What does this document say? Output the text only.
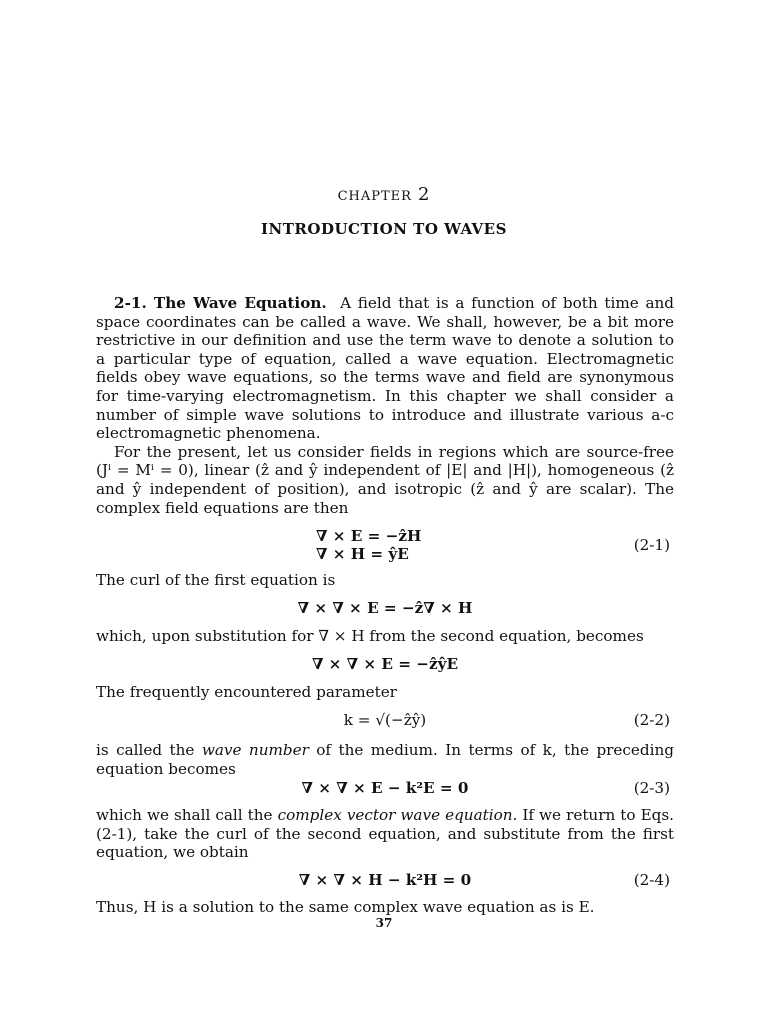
CHAPTER 2
INTRODUCTION TO WAVES

2-1. The Wave Equation. A field that is a function of both time and space coordinates can be called a wave. We shall, however, be a bit more restrictive in our definition and use the term wave to denote a solution to a particular type of equation, called a wave equation. Electromagnetic fields obey wave equations, so the terms wave and field are synonymous for time-varying electromagnetism. In this chapter we shall consider a number of simple wave solutions to introduce and illustrate various a-c electromagnetic phenomena.

For the present, let us consider fields in regions which are source-free (Jⁱ = Mⁱ = 0), linear (ẑ and ŷ independent of |E| and |H|), homogeneous (ẑ and ŷ independent of position), and isotropic (ẑ and ŷ are scalar). The complex field equations are then

∇ × E = −ẑH
∇ × H = ŷE	(2-1)
The curl of the first equation is
∇ × ∇ × E = −ẑ∇ × H
which, upon substitution for ∇ × H from the second equation, becomes
∇ × ∇ × E = −ẑŷE
The frequently encountered parameter
k = √(−ẑŷ)	(2-2)
is called the wave number of the medium. In terms of k, the preceding equation becomes
∇ × ∇ × E − k²E = 0	(2-3)
which we shall call the complex vector wave equation. If we return to Eqs. (2-1), take the curl of the second equation, and substitute from the first equation, we obtain
∇ × ∇ × H − k²H = 0	(2-4)
Thus, H is a solution to the same complex wave equation as is E.
37
